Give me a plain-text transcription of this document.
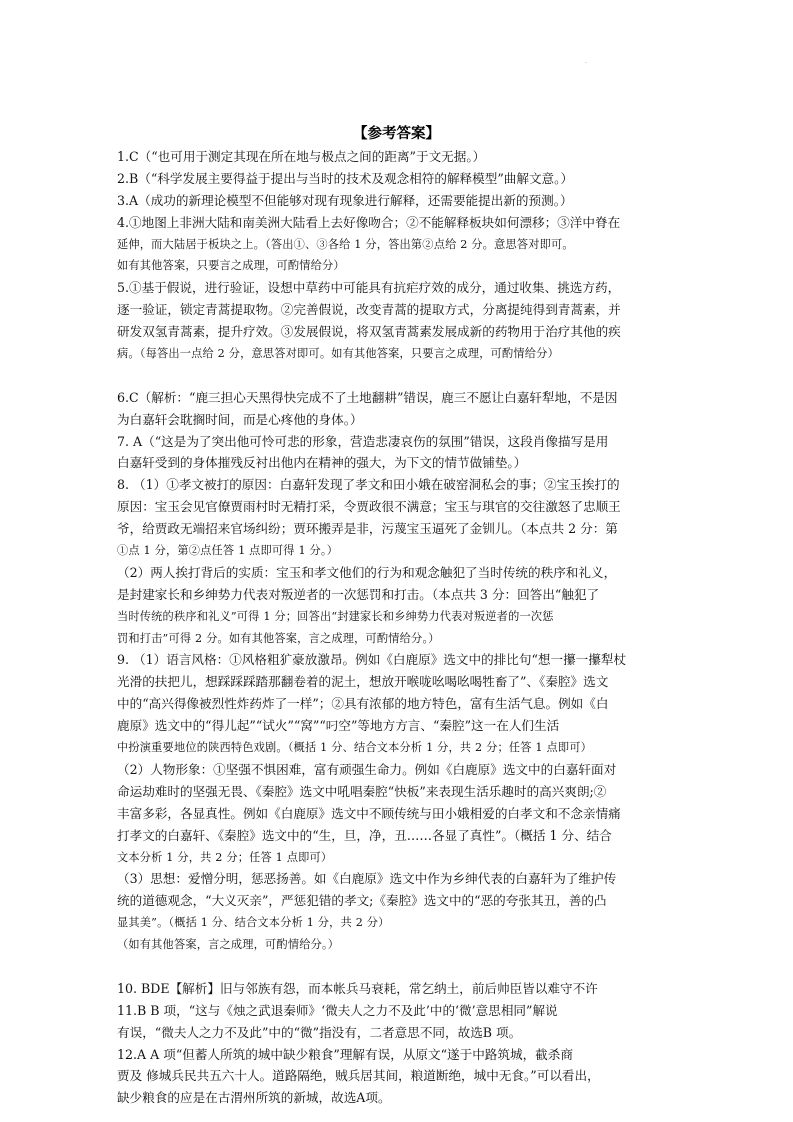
·
【参考答案】
1.C（“也可用于测定其现在所在地与极点之间的距离”于文无据。）
2.B（“科学发展主要得益于提出与当时的技术及观念相符的解释模型”曲解文意。）
3.A（成功的新理论模型不但能够对现有现象进行解释，还需要能提出新的预测。）
4.①地图上非洲大陆和南美洲大陆看上去好像吻合；②不能解释板块如何漂移；③洋中脊在
延伸，而大陆居于板块之上。（答出①、③各给 1 分，答出第②点给 2 分。意思答对即可。
如有其他答案，只要言之成理，可酌情给分）
5.①基于假说，进行验证，设想中草药中可能具有抗疟疗效的成分，通过收集、挑选方药，
逐一验证，锁定青蒿提取物。②完善假说，改变青蒿的提取方式，分离提纯得到青蒿素，并
研发双氢青蒿素，提升疗效。③发展假说，将双氢青蒿素发展成新的药物用于治疗其他的疾
病。（每答出一点给 2 分，意思答对即可。如有其他答案，只要言之成理，可酌情给分）
6.C（解析：“鹿三担心天黑得快完成不了土地翻耕”错误，鹿三不愿让白嘉轩犁地，不是因
为白嘉轩会耽搁时间，而是心疼他的身体。）
7. A（“这是为了突出他可怜可悲的形象，营造悲凄哀伤的氛围”错误，这段肖像描写是用
白嘉轩受到的身体摧残反衬出他内在精神的强大，为下文的情节做铺垫。）
8. （1）①孝文被打的原因：白嘉轩发现了孝文和田小娥在破窑洞私会的事；②宝玉挨打的
原因：宝玉会见官僚贾雨村时无精打采，令贾政很不满意；宝玉与琪官的交往激怒了忠顺王
爷，给贾政无端招来官场纠纷；贾环搬弄是非，污蔑宝玉逼死了金钏儿。（本点共 2 分：第
①点 1 分，第②点任答 1 点即可得 1 分。）
（2）两人挨打背后的实质：宝玉和孝文他们的行为和观念触犯了当时传统的秩序和礼义，
是封建家长和乡绅势力代表对叛逆者的一次惩罚和打击。（本点共 3 分：回答出“触犯了
当时传统的秩序和礼义”可得 1 分；回答出“封建家长和乡绅势力代表对叛逆者的一次惩
罚和打击”可得 2 分。如有其他答案，言之成理，可酌情给分。）
9. （1）语言风格：①风格粗犷豪放激昂。例如《白鹿原》选文中的排比句“想一攥一攥犁杖
光滑的扶把儿，想踩踩踩踏那翻卷着的泥土，想放开喉咙吆喝吆喝牲畜了”、《秦腔》选文
中的“高兴得像被烈性炸药炸了一样”；②具有浓郁的地方特色，富有生活气息。例如《白
鹿原》选文中的“得儿起”“试火”“窝”“叼空”等地方方言、“秦腔”这一在人们生活
中扮演重要地位的陕西特色戏剧。（概括 1 分、结合文本分析 1 分，共 2 分；任答 1 点即可）
（2）人物形象：①坚强不惧困难，富有顽强生命力。例如《白鹿原》选文中的白嘉轩面对
命运劫难时的坚强无畏、《秦腔》选文中吼唱秦腔“快板”来表现生活乐趣时的高兴爽朗;②
丰富多彩，各显真性。例如《白鹿原》选文中不顾传统与田小娥相爱的白孝文和不念亲情痛
打孝文的白嘉轩、《秦腔》选文中的“生，旦，净，丑……各显了真性”。（概括 1 分、结合
文本分析 1 分，共 2 分；任答 1 点即可）
（3）思想：爱憎分明，惩恶扬善。如《白鹿原》选文中作为乡绅代表的白嘉轩为了维护传
统的道德观念，“大义灭亲”，严惩犯错的孝文;《秦腔》选文中的“恶的夸张其丑，善的凸
显其美”。（概括 1 分、结合文本分析 1 分，共 2 分）
（如有其他答案，言之成理，可酌情给分。）
10. BDE【解析】旧与邻族有怨，而本帐兵马衰耗，常乞纳土，前后帅臣皆以难守不许
11.B B 项，“这与《烛之武退秦师》‘微夫人之力不及此’中的‘微’意思相同”解说
有误，“微夫人之力不及此”中的“微”指没有，二者意思不同，故选B 项。
12.A A 项“但蓄人所筑的城中缺少粮食”理解有误，从原文“遂于中路筑城，截杀商
贾及 修城兵民共五六十人。道路隔绝，贼兵居其间，粮道断绝，城中无食。”可以看出，
缺少粮食的应是在古渭州所筑的新城，故选A项。
